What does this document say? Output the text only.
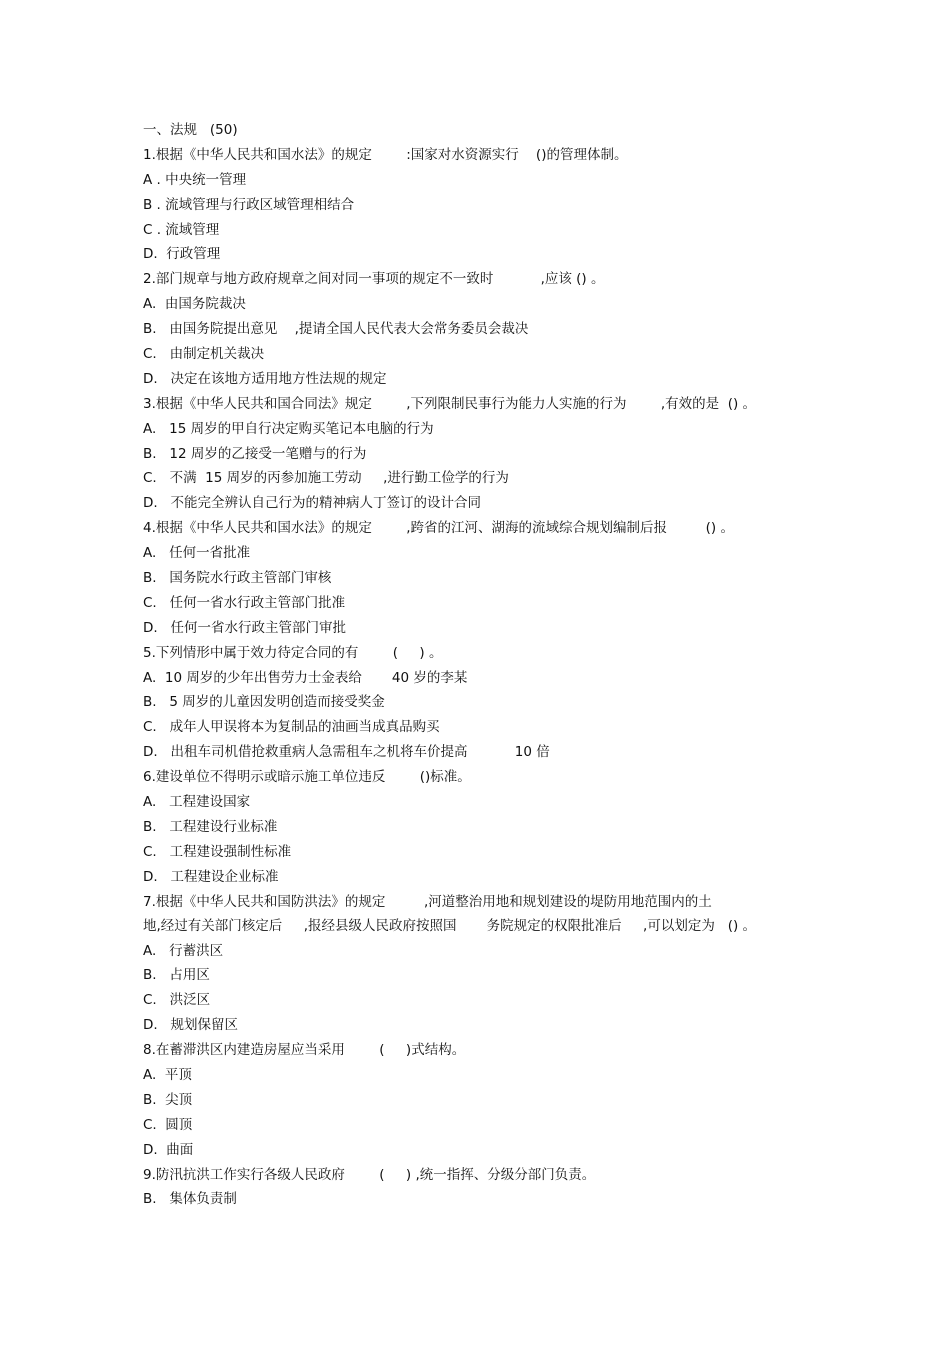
一、法规   (50)
1.根据《中华人民共和国水法》的规定        :国家对水资源实行    ()的管理体制。
A . 中央统一管理
B . 流域管理与行政区域管理相结合
C . 流域管理
D.  行政管理
2.部门规章与地方政府规章之间对同一事项的规定不一致时           ,应该 () 。
A.  由国务院裁决
B.   由国务院提出意见    ,提请全国人民代表大会常务委员会裁决
C.   由制定机关裁决
D.   决定在该地方适用地方性法规的规定
3.根据《中华人民共和国合同法》规定        ,下列限制民事行为能力人实施的行为        ,有效的是  () 。
A.   15 周岁的甲自行决定购买笔记本电脑的行为
B.   12 周岁的乙接受一笔赠与的行为
C.   不满  15 周岁的丙参加施工劳动     ,进行勤工俭学的行为
D.   不能完全辨认自己行为的精神病人丁签订的设计合同
4.根据《中华人民共和国水法》的规定        ,跨省的江河、湖海的流域综合规划编制后报         () 。
A.   任何一省批准
B.   国务院水行政主管部门审核
C.   任何一省水行政主管部门批准
D.   任何一省水行政主管部门审批
5.下列情形中属于效力待定合同的有        (     ) 。
A.  10 周岁的少年出售劳力士金表给       40 岁的李某
B.   5 周岁的儿童因发明创造而接受奖金
C.   成年人甲误将本为复制品的油画当成真品购买
D.   出租车司机借抢救重病人急需租车之机将车价提高           10 倍
6.建设单位不得明示或暗示施工单位违反        ()标准。
A.   工程建设国家
B.   工程建设行业标准
C.   工程建设强制性标准
D.   工程建设企业标准
7.根据《中华人民共和国防洪法》的规定         ,河道整治用地和规划建设的堤防用地范围内的土
地,经过有关部门核定后     ,报经县级人民政府按照国       务院规定的权限批准后     ,可以划定为   () 。
A.   行蓄洪区
B.   占用区
C.   洪泛区
D.   规划保留区
8.在蓄滞洪区内建造房屋应当采用        (     )式结构。
A.  平顶
B.  尖顶
C.  圆顶
D.  曲面
9.防汛抗洪工作实行各级人民政府        (     ) ,统一指挥、分级分部门负责。
B.   集体负责制
